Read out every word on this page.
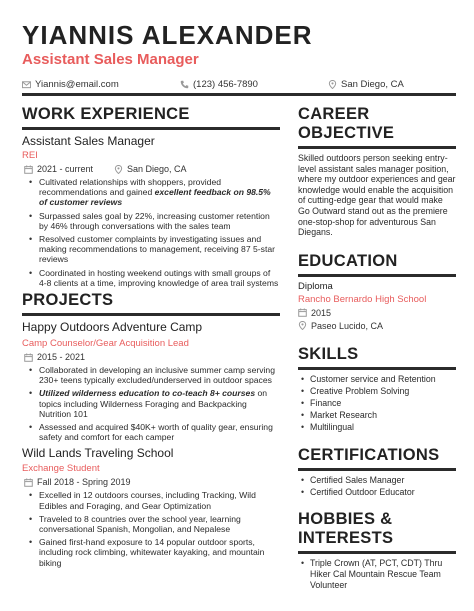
YIANNIS ALEXANDER
Assistant Sales Manager
Yiannis@email.com	(123) 456-7890	San Diego, CA
WORK EXPERIENCE
Assistant Sales Manager
REI
2021 - current	San Diego, CA
• Cultivated relationships with shoppers, provided recommendations and gained excellent feedback on 98.5% of customer reviews
• Surpassed sales goal by 22%, increasing customer retention by 46% through conversations with the sales team
• Resolved customer complaints by investigating issues and making recommendations to management, receiving 87 5-star reviews
• Coordinated in hosting weekend outings with small groups of 4-8 clients at a time, improving knowledge of area trail systems
PROJECTS
Happy Outdoors Adventure Camp
Camp Counselor/Gear Acquisition Lead
2015 - 2021
• Collaborated in developing an inclusive summer camp serving 230+ teens typically excluded/underserved in outdoor spaces
• Utilized wilderness education to co-teach 8+ courses on topics including Wilderness Foraging and Backpacking Nutrition 101
• Assessed and acquired $40K+ worth of quality gear, ensuring safety and comfort for each camper
Wild Lands Traveling School
Exchange Student
Fall 2018 - Spring 2019
• Excelled in 12 outdoors courses, including Tracking, Wild Edibles and Foraging, and Gear Optimization
• Traveled to 8 countries over the school year, learning conversational Spanish, Mongolian, and Nepalese
• Gained first-hand exposure to 14 popular outdoor sports, including rock climbing, whitewater kayaking, and mountain biking
CAREER OBJECTIVE
Skilled outdoors person seeking entry-level assistant sales manager position, where my outdoor experiences and gear knowledge would enable the acquisition of cutting-edge gear that would make Go Outward stand out as the premiere one-stop-shop for adventurous San Diegans.
EDUCATION
Diploma
Rancho Bernardo High School
2015
Paseo Lucido, CA
SKILLS
• Customer service and Retention
• Creative Problem Solving
• Finance
• Market Research
• Multilingual
CERTIFICATIONS
• Certified Sales Manager
• Certified Outdoor Educator
HOBBIES & INTERESTS
• Triple Crown (AT, PCT, CDT) Thru Hiker Cal Mountain Rescue Team Volunteer
